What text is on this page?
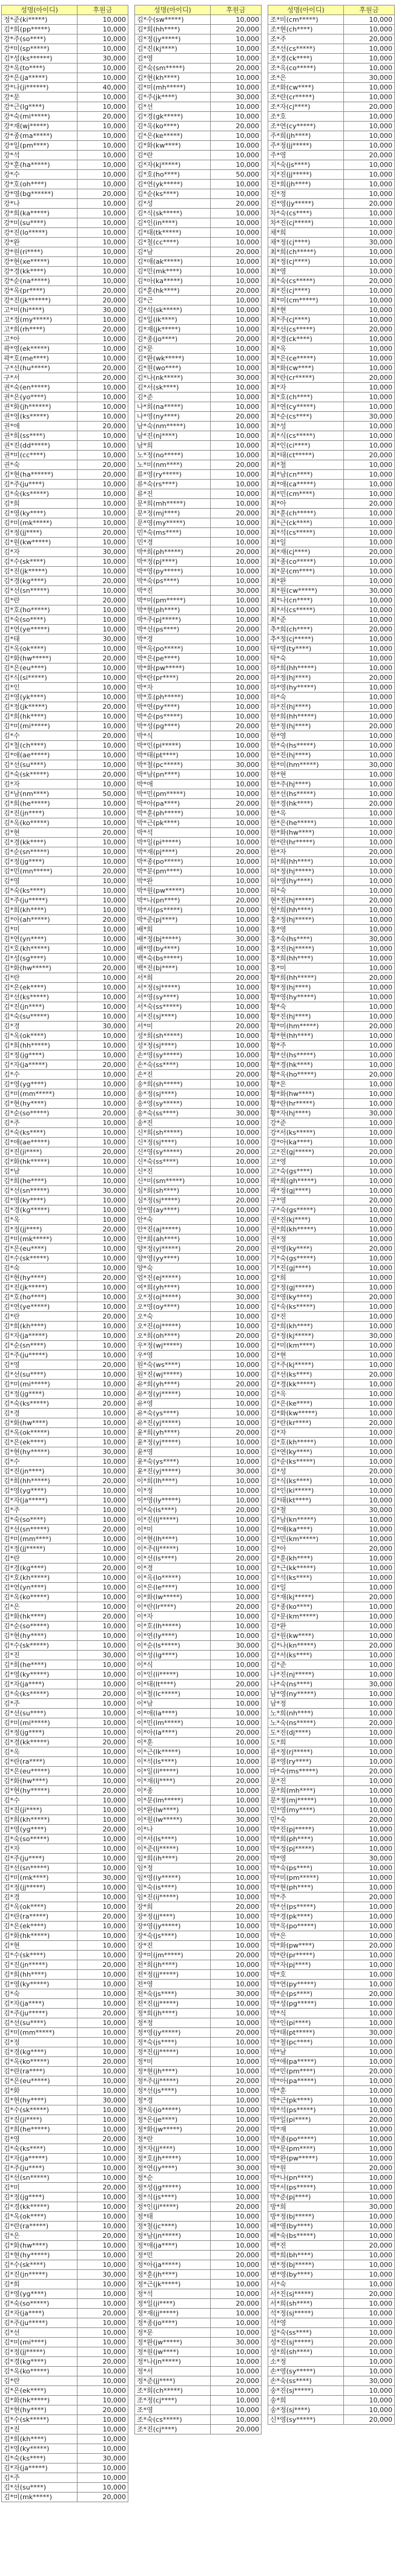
성명(아이디)	후원금
정*준(ki*****)	10,000
김*희(pp*****)	10,000
강*주(so****)	10,000
강*미(sp*****)	10,000
김*성(ks******)	30,000
강*옥(to****)	10,000
강*은(ja*****)	10,000
강*나(ji******)	40,000
강*문	10,000
강*근(lg****)	10,000
강*숙(mi*****)	20,000
강*재(wj*****)	10,000
강*종(ma*****)	10,000
강*일(pm****)	10,000
강*석	10,000
강*훈(ha*****)	10,000
강*수	10,000
강*호(oh****)	10,000
강*영(bg******)	20,000
강*나	10,000
강*희(ka*****)	10,000
강*미(su****)	10,000
강*진(lo*****)	10,000
강*완	10,000
강*원(ri****)	10,000
강*현(xe*****)	10,000
강*경(kk****)	10,000
강*순(na*****)	10,000
강*옥(pr****)	20,000
강*진(jk******)	20,000
고*미(hi****)	30,000
고*정(my*****)	10,000
고*희(rh****)	20,000
고*아	10,000
곽*영(ek*****)	10,000
곽*호(me****)	10,000
구*선(hu*****)	20,000
구*서	20,000
권*숙(en*****)	10,000
권*은(yo****)	10,000
권*화(jh******)	10,000
권*영(ks*****)	10,000
권*애	20,000
권*희(ss****)	10,000
권*진(dd*****)	10,000
권*미(cc****)	10,000
권*숙	20,000
김*현(ha******)	20,000
김*주(ju****)	10,000
김*숙(ks*****)	10,000
김*희	10,000
김*영(ky****)	10,000
김*미(mk*****)	10,000
김*정(jj****)	20,000
김*원(kw*****)	10,000
김*자	30,000
김*수(sk****)	10,000
김*진(jk*****)	10,000
김*경(kg****)	20,000
김*선(sn*****)	10,000
김*란	20,000
김*호(ho*****)	10,000
김*숙(so****)	10,000
김*연(ye*****)	10,000
김*태	30,000
김*옥(ok****)	10,000
김*화(hw*****)	20,000
김*은(eu****)	10,000
김*식(si*****)	10,000
김*인	10,000
김*영(yk****)	10,000
김*정(jk*****)	20,000
김*희(hk****)	10,000
김*미(mi*****)	10,000
김*수	20,000
김*철(ch****)	10,000
김*애(ae*****)	10,000
김*선(su****)	10,000
김*숙(sk*****)	20,000
김*자	10,000
김*남(nm****)	50,000
김*희(he*****)	10,000
김*진(jn****)	10,000
김*옥(ko*****)	10,000
김*현	20,000
김*경(kk****)	10,000
김*순(sn*****)	10,000
김*정(jg****)	10,000
김*민(mn*****)	20,000
김*영	10,000
김*숙(ks****)	10,000
김*주(ju*****)	10,000
김*희(kh****)	10,000
김*아(ah*****)	20,000
김*미	10,000
김*연(yn****)	10,000
김*호(kh*****)	10,000
김*성(sg****)	10,000
김*화(hw*****)	20,000
김*란	10,000
김*은(ek****)	10,000
김*선(ks*****)	10,000
김*진(jn****)	10,000
김*숙(su*****)	10,000
김*경	30,000
김*옥(ok****)	10,000
김*희(hh*****)	10,000
김*정(jg****)	10,000
김*자(ja*****)	20,000
김*수	10,000
김*영(yg****)	10,000
김*미(mm*****)	10,000
김*현(hy****)	10,000
김*순(so*****)	20,000
김*주	10,000
김*숙(ks****)	10,000
김*애(ae*****)	10,000
김*진(ji****)	20,000
김*화(hk*****)	10,000
김*남	10,000
김*희(he****)	10,000
김*선(sn*****)	30,000
김*영(ky****)	10,000
김*경(kg*****)	10,000
김*옥	10,000
김*정(jj****)	20,000
김*미(mk*****)	10,000
김*은(eu****)	10,000
김*수(sk*****)	10,000
김*숙	10,000
김*현(hy****)	20,000
김*진(jk*****)	10,000
김*호(ho****)	10,000
김*연(ye*****)	10,000
김*란	20,000
김*희(kh****)	10,000
김*자(ja*****)	10,000
김*순(sn****)	10,000
김*주(ju*****)	10,000
김*영	20,000
김*선(su****)	10,000
김*미(mi*****)	10,000
김*정(jg****)	10,000
김*숙(ks*****)	20,000
김*경	10,000
김*화(hw****)	10,000
김*옥(ok*****)	10,000
김*은(ek****)	10,000
김*현(hy*****)	30,000
김*수	10,000
김*진(jn****)	10,000
김*희(hh*****)	20,000
김*영(yg****)	10,000
김*자(ja*****)	10,000
김*주	10,000
김*숙(so****)	10,000
김*선(sn*****)	20,000
김*미(mm****)	10,000
김*정(jj*****)	10,000
김*란	10,000
김*경(kg****)	20,000
김*호(kh*****)	10,000
김*연(yn****)	10,000
김*옥(ko*****)	10,000
김*은	10,000
김*화(hk****)	20,000
김*순(so*****)	10,000
김*현(hy****)	10,000
김*수(sk*****)	10,000
김*진	30,000
김*희(he****)	10,000
김*영(ky*****)	10,000
김*자(ja****)	10,000
김*숙(ks*****)	20,000
김*주	10,000
김*선(su****)	10,000
김*미(mi*****)	10,000
김*정(jg****)	10,000
김*경(kk*****)	20,000
김*옥	10,000
김*란(ra****)	10,000
김*은(eu*****)	10,000
김*화(hw****)	10,000
김*현(hy*****)	20,000
김*수	10,000
김*진(ji****)	10,000
김*희(kh*****)	10,000
김*영(yg****)	20,000
김*숙(so*****)	10,000
김*자	10,000
김*주(ju****)	10,000
김*선(sn*****)	10,000
김*미(mk****)	30,000
김*정(jj*****)	10,000
김*경	10,000
김*옥(ok****)	10,000
김*란(ra*****)	20,000
김*은(ek****)	10,000
김*화(hk*****)	10,000
김*현	10,000
김*수(sk****)	10,000
김*진(jn*****)	20,000
김*희(hh****)	10,000
김*영(ky*****)	10,000
김*숙	10,000
김*자(ja****)	10,000
김*주(ju*****)	20,000
김*선(su****)	10,000
김*미(mm*****)	10,000
김*정	10,000
김*경(kg****)	10,000
김*옥(ko*****)	20,000
김*란(ra****)	10,000
김*은(eu*****)	10,000
김*화	10,000
김*현(hy****)	30,000
김*수(sk*****)	10,000
김*진(ji****)	10,000
김*희(he*****)	10,000
김*영	20,000
김*숙(ks****)	10,000
김*자(ja*****)	10,000
김*주(ju****)	10,000
김*선(sn*****)	10,000
김*미	20,000
김*정(jg****)	10,000
김*경(kk*****)	10,000
김*옥(ok****)	10,000
김*란(ra*****)	10,000
김*은	20,000
김*화(hw****)	10,000
김*현(hy*****)	10,000
김*수(sk****)	10,000
김*진(jn*****)	30,000
김*희	10,000
김*영(yg****)	10,000
김*숙(so*****)	10,000
김*자(ja****)	20,000
김*주(ju*****)	10,000
김*선	10,000
김*미(mi****)	10,000
김*정(jj*****)	10,000
김*경(kg****)	20,000
김*옥(ko*****)	10,000
김*란	10,000
김*은(ek****)	10,000
김*화(hk*****)	10,000
김*현(hy****)	20,000
김*수(sk*****)	10,000
김*진	10,000
김*희(kh****)	10,000
김*영(ky*****)	10,000
김*숙(ks****)	30,000
김*자(ja*****)	10,000
김*주	10,000
김*선(su****)	10,000
김*미(mk*****)	20,000
성명(아이디)	후원금
김*수(sw*****)	10,000
김*희(hh****)	20,000
김*정(jy*****)	10,000
김*진(kj****)	10,000
김*영	10,000
김*숙(sm*****)	20,000
김*현(kh****)	10,000
김*미(mh*****)	10,000
김*주(jk****)	30,000
김*선	10,000
김*경(gk*****)	10,000
김*옥(ko****)	20,000
김*은(ke*****)	10,000
김*화(kw****)	10,000
김*란	10,000
김*자(kj*****)	10,000
김*호(ho****)	50,000
김*연(yk*****)	10,000
김*순(ks****)	10,000
김*성	20,000
김*식(sk*****)	10,000
김*인(in****)	10,000
김*태(tk*****)	10,000
김*철(cc****)	10,000
김*남	20,000
김*애(ak*****)	10,000
김*민(mk****)	10,000
김*아(ka*****)	10,000
김*훈(hk****)	20,000
김*근	10,000
김*석(sk*****)	10,000
김*일(ik****)	10,000
김*재(jk*****)	10,000
김*종(jo****)	20,000
김*문	10,000
김*완(wk*****)	10,000
김*원(wo****)	10,000
김*나(nk*****)	30,000
김*서(sk****)	10,000
김*준	10,000
나*희(na*****)	10,000
나*영(ny****)	20,000
남*숙(nm*****)	10,000
남*진(nj****)	10,000
남*희	10,000
노*정(no*****)	10,000
노*미(nm****)	20,000
류*영(ry*****)	10,000
류*숙(rs****)	10,000
류*진	10,000
문*희(mh*****)	10,000
문*정(mj****)	20,000
문*영(my*****)	10,000
민*숙(ms****)	10,000
민*경	10,000
박*희(ph*****)	20,000
박*정(pj****)	10,000
박*영(py*****)	10,000
박*숙(ps****)	10,000
박*진	30,000
박*미(pm*****)	10,000
박*현(ph****)	10,000
박*주(pj*****)	10,000
박*선(ps****)	20,000
박*경	10,000
박*옥(po*****)	10,000
박*은(pe****)	10,000
박*화(pw*****)	10,000
박*란(pr****)	20,000
박*자	10,000
박*호(ph*****)	10,000
박*연(py****)	10,000
박*순(ps*****)	10,000
박*성(pg****)	20,000
박*식	10,000
박*인(pi*****)	10,000
박*태(pt****)	10,000
박*철(pc*****)	30,000
박*남(pn****)	10,000
박*애	10,000
박*민(pm*****)	10,000
박*아(pa****)	20,000
박*훈(ph*****)	10,000
박*근(pk****)	10,000
박*석	10,000
박*일(pi*****)	10,000
박*재(pj****)	20,000
박*종(po*****)	10,000
박*문(pm****)	10,000
박*완	10,000
박*원(pw*****)	10,000
박*나(pn****)	20,000
박*서(ps*****)	10,000
박*준(pj****)	10,000
배*희	10,000
배*정(bj*****)	30,000
배*영(by****)	10,000
백*숙(bs*****)	10,000
백*진(bj****)	10,000
서*희	20,000
서*정(sj*****)	10,000
서*영(sy****)	10,000
서*숙(ss*****)	10,000
서*진(sj****)	10,000
서*미	20,000
성*희(sh*****)	10,000
성*정(sj****)	10,000
손*영(sy*****)	10,000
손*숙(ss****)	10,000
손*진	20,000
송*희(sh*****)	10,000
송*정(sj****)	10,000
송*영(sy*****)	10,000
송*숙(ss****)	30,000
송*진	10,000
신*희(sh*****)	10,000
신*정(sj****)	10,000
신*영(sy*****)	20,000
신*숙(ss****)	10,000
신*진	10,000
신*미(sm*****)	10,000
심*희(sh****)	10,000
심*정(sj*****)	20,000
안*영(ay****)	10,000
안*숙	10,000
안*진(aj*****)	10,000
안*희(ah****)	10,000
양*정(yj*****)	20,000
양*영(yy****)	10,000
양*숙	10,000
엄*진(ej*****)	10,000
여*희(yh****)	10,000
오*정(oj*****)	30,000
오*영(oy****)	10,000
오*숙	10,000
오*진(oj*****)	10,000
오*희(oh****)	20,000
우*정(wj*****)	10,000
우*영	10,000
원*숙(ws****)	10,000
원*진(wj*****)	10,000
유*희(yh****)	20,000
유*정(yj*****)	10,000
유*영	10,000
유*숙(ys****)	10,000
유*진(yj*****)	10,000
윤*희(yh****)	20,000
윤*정(yj*****)	10,000
윤*영	10,000
윤*숙(ys****)	10,000
윤*진(yj*****)	30,000
이*희(lh****)	10,000
이*정	10,000
이*영(ly*****)	10,000
이*숙(ls****)	20,000
이*진(lj*****)	10,000
이*미	10,000
이*현(lh****)	10,000
이*주(lj*****)	10,000
이*선(ls****)	20,000
이*경	10,000
이*옥(lo*****)	10,000
이*은(le****)	10,000
이*화(lw*****)	10,000
이*란(lr****)	20,000
이*자	10,000
이*호(lh*****)	10,000
이*연(ly****)	10,000
이*순(ls*****)	30,000
이*성(lg****)	10,000
이*식	10,000
이*인(li*****)	10,000
이*태(lt****)	20,000
이*철(lc*****)	10,000
이*남	10,000
이*애(la****)	10,000
이*민(lm*****)	10,000
이*아(la****)	20,000
이*훈	10,000
이*근(lk*****)	10,000
이*석(ls****)	10,000
이*일(li*****)	10,000
이*재(lj****)	20,000
이*종	10,000
이*문(lm*****)	10,000
이*완(lw****)	10,000
이*원(lw*****)	30,000
이*나	10,000
이*서(ls****)	10,000
이*준(lj*****)	10,000
임*희(ih****)	20,000
임*정	10,000
임*영(iy*****)	10,000
임*숙(is****)	10,000
임*진(ij*****)	10,000
장*희	20,000
장*정(jj****)	10,000
장*영(jy*****)	10,000
장*숙(js****)	10,000
장*진	10,000
장*미(jm*****)	20,000
전*희(jh****)	10,000
전*정(jj*****)	10,000
전*영	10,000
전*숙(js****)	30,000
전*진(jj*****)	10,000
정*희(jh****)	10,000
정*정	10,000
정*영(jy*****)	20,000
정*숙(js****)	10,000
정*진(jj*****)	10,000
정*미	10,000
정*현(jh****)	10,000
정*주(jj*****)	20,000
정*선(js****)	10,000
정*경	10,000
정*옥(jo*****)	10,000
정*은(je****)	10,000
정*화(jw*****)	20,000
정*란	10,000
정*자(jj****)	10,000
정*호(jh*****)	10,000
정*연(jy****)	30,000
정*순	10,000
정*성(jg*****)	10,000
정*식(js****)	10,000
정*인(ji*****)	20,000
정*태	10,000
정*철(jc****)	10,000
정*남(jn*****)	10,000
정*애(ja****)	10,000
정*민	20,000
정*아(ja*****)	10,000
정*훈(jh****)	10,000
정*근(jk*****)	10,000
정*석	10,000
정*일(ji****)	20,000
정*재(jj*****)	10,000
정*종(jo****)	10,000
정*문	10,000
정*완(jw*****)	30,000
정*원(jw****)	10,000
정*나(jn*****)	10,000
정*서	10,000
정*준(jj****)	20,000
조*희(ch*****)	10,000
조*정(cj****)	10,000
조*영	10,000
조*숙(cs*****)	10,000
조*진(cj****)	20,000
성명(아이디)	후원금
조*미(cm*****)	10,000
조*현(ch****)	10,000
조*주	20,000
조*선(cs*****)	10,000
조*경(ck****)	10,000
조*옥(co*****)	10,000
조*은	30,000
조*화(cw****)	10,000
조*란(cr*****)	10,000
조*자(cj****)	20,000
조*호	10,000
조*연(cy*****)	10,000
주*희(jh****)	10,000
주*정(jj*****)	10,000
주*영	20,000
지*숙(js****)	10,000
지*진(jj*****)	10,000
진*희(jh****)	10,000
진*정	10,000
진*영(jy*****)	20,000
차*숙(cs****)	10,000
차*진(cj*****)	10,000
채*희	10,000
채*정(cj****)	30,000
최*희(ch*****)	10,000
최*정(cj****)	10,000
최*영	10,000
최*숙(cs*****)	20,000
최*진(cj****)	10,000
최*미(cm*****)	10,000
최*현	10,000
최*주(cj****)	10,000
최*선(cs*****)	20,000
최*경(ck****)	10,000
최*옥	10,000
최*은(ce*****)	10,000
최*화(cw****)	10,000
최*란(cr*****)	20,000
최*자	10,000
최*호(ch****)	10,000
최*연(cy*****)	10,000
최*순(cs****)	30,000
최*성	10,000
최*식(cs*****)	10,000
최*인(ci****)	10,000
최*태(ct*****)	20,000
최*철	10,000
최*남(cn****)	10,000
최*애(ca*****)	10,000
최*민(cm****)	10,000
최*아	20,000
최*훈(ch*****)	10,000
최*근(ck****)	10,000
최*석(cs*****)	10,000
최*일	10,000
최*재(cj****)	20,000
최*종(co*****)	10,000
최*문(cm****)	10,000
최*완	10,000
최*원(cw*****)	30,000
최*나(cn****)	10,000
최*서(cs*****)	10,000
최*준	10,000
추*희(ch****)	20,000
추*정(cj*****)	10,000
탁*영(ty****)	10,000
탁*숙	10,000
하*희(hh*****)	10,000
하*정(hj****)	20,000
하*영(hy*****)	10,000
하*숙	10,000
하*진(hj****)	10,000
한*희(hh*****)	10,000
한*정(hj****)	20,000
한*영	10,000
한*숙(hs*****)	10,000
한*진(hj****)	10,000
한*미(hm*****)	30,000
한*현	10,000
한*주(hj****)	10,000
한*선(hs*****)	10,000
한*경(hk****)	20,000
한*옥	10,000
한*은(he*****)	10,000
한*화(hw****)	10,000
한*란(hr*****)	10,000
한*자	20,000
허*희(hh****)	10,000
허*정(hj*****)	10,000
허*영(hy****)	10,000
허*숙	10,000
현*진(hj*****)	20,000
현*희(hh****)	10,000
홍*정(hj*****)	10,000
홍*영	10,000
홍*숙(hs****)	30,000
홍*진(hj*****)	10,000
홍*희(hh****)	10,000
홍*미	10,000
황*희(hh*****)	20,000
황*정(hj****)	10,000
황*영(hy*****)	10,000
황*숙	10,000
황*진(hj****)	10,000
황*미(hm*****)	20,000
황*현(hh****)	10,000
황*주	10,000
황*선(hs*****)	10,000
황*경(hk****)	10,000
황*옥(ho*****)	20,000
황*은	10,000
황*화(hw****)	10,000
황*란(hr*****)	10,000
황*자(hj****)	30,000
강*준	10,000
강*서(ks*****)	10,000
강*아(ka****)	10,000
고*진(gj*****)	20,000
고*영	10,000
고*숙(gs****)	10,000
곽*희(gh*****)	10,000
곽*정(gj****)	10,000
구*영	20,000
구*숙(gs*****)	10,000
권*진(kj****)	10,000
권*희(kh*****)	10,000
권*정	10,000
권*영(ky****)	20,000
기*숙(gs*****)	10,000
기*진(gj****)	10,000
길*희	10,000
길*정(gj*****)	10,000
김*영(ky****)	20,000
김*숙(ks*****)	10,000
김*진	10,000
김*희(kh****)	10,000
김*정(kj*****)	30,000
김*미(km****)	10,000
김*현	10,000
김*주(kj*****)	10,000
김*선(ks****)	20,000
김*경(kk*****)	10,000
김*옥	10,000
김*은(ke****)	10,000
김*화(kw*****)	10,000
김*란(kr****)	20,000
김*자	10,000
김*호(kh*****)	10,000
김*연(ky****)	10,000
김*순(ks*****)	10,000
김*성	20,000
김*식(ks****)	10,000
김*인(ki*****)	10,000
김*태(kt****)	10,000
김*철	30,000
김*남(kn*****)	10,000
김*애(ka****)	10,000
김*민(km*****)	10,000
김*아	20,000
김*훈(kh****)	10,000
김*근(kk*****)	10,000
김*석(ks****)	10,000
김*일	10,000
김*재(kj*****)	20,000
김*종(ko****)	10,000
김*문(km*****)	10,000
김*완	10,000
김*원(kw****)	10,000
김*나(kn*****)	20,000
김*서(ks****)	10,000
김*준	10,000
나*진(nj*****)	10,000
나*숙(ns****)	30,000
남*영(ny*****)	10,000
남*정	10,000
노*희(nh****)	10,000
노*숙(ns*****)	20,000
도*진(dj****)	10,000
도*희	10,000
류*정(rj*****)	10,000
류*영(ry****)	10,000
마*숙(ms*****)	20,000
문*진	10,000
문*희(mh****)	10,000
문*정(mj*****)	10,000
민*영(my****)	10,000
민*숙	20,000
박*진(pj*****)	10,000
박*희(ph****)	10,000
박*정(pj*****)	10,000
박*영	30,000
박*숙(ps****)	10,000
박*미(pm*****)	10,000
박*현(ph****)	10,000
박*주	20,000
박*선(ps*****)	10,000
박*경(pk****)	10,000
박*옥(po*****)	10,000
박*은	10,000
박*화(pw****)	20,000
박*란(pr*****)	10,000
박*자(pj****)	10,000
박*호	10,000
박*연(py*****)	10,000
박*순(ps****)	20,000
박*성(pg*****)	10,000
박*식	10,000
박*인(pi****)	10,000
박*태(pt*****)	30,000
박*철(pc****)	10,000
박*남	10,000
박*애(pa*****)	10,000
박*민(pm****)	20,000
박*아(pa*****)	10,000
박*훈	10,000
박*근(pk****)	10,000
박*석(ps*****)	10,000
박*일(pi****)	20,000
박*재	10,000
박*종(po*****)	10,000
박*문(pm****)	10,000
박*완(pw*****)	10,000
박*원	20,000
박*나(pn****)	10,000
박*서(ps*****)	10,000
박*준(pj****)	10,000
방*희	30,000
방*정(bj*****)	10,000
배*영(by****)	10,000
배*숙(bs*****)	10,000
백*진	20,000
백*희(bh****)	10,000
변*정(bj*****)	10,000
변*영(by****)	10,000
서*숙	10,000
서*진(sj*****)	20,000
서*희(sh****)	10,000
석*정(sj*****)	10,000
석*영	10,000
설*숙(ss****)	10,000
성*진(sj*****)	20,000
성*희(sh****)	10,000
소*정	10,000
손*영(sy*****)	10,000
손*숙(ss****)	30,000
송*진(sj*****)	10,000
송*희	10,000
송*정(sj****)	10,000
신*영(sy*****)	20,000
